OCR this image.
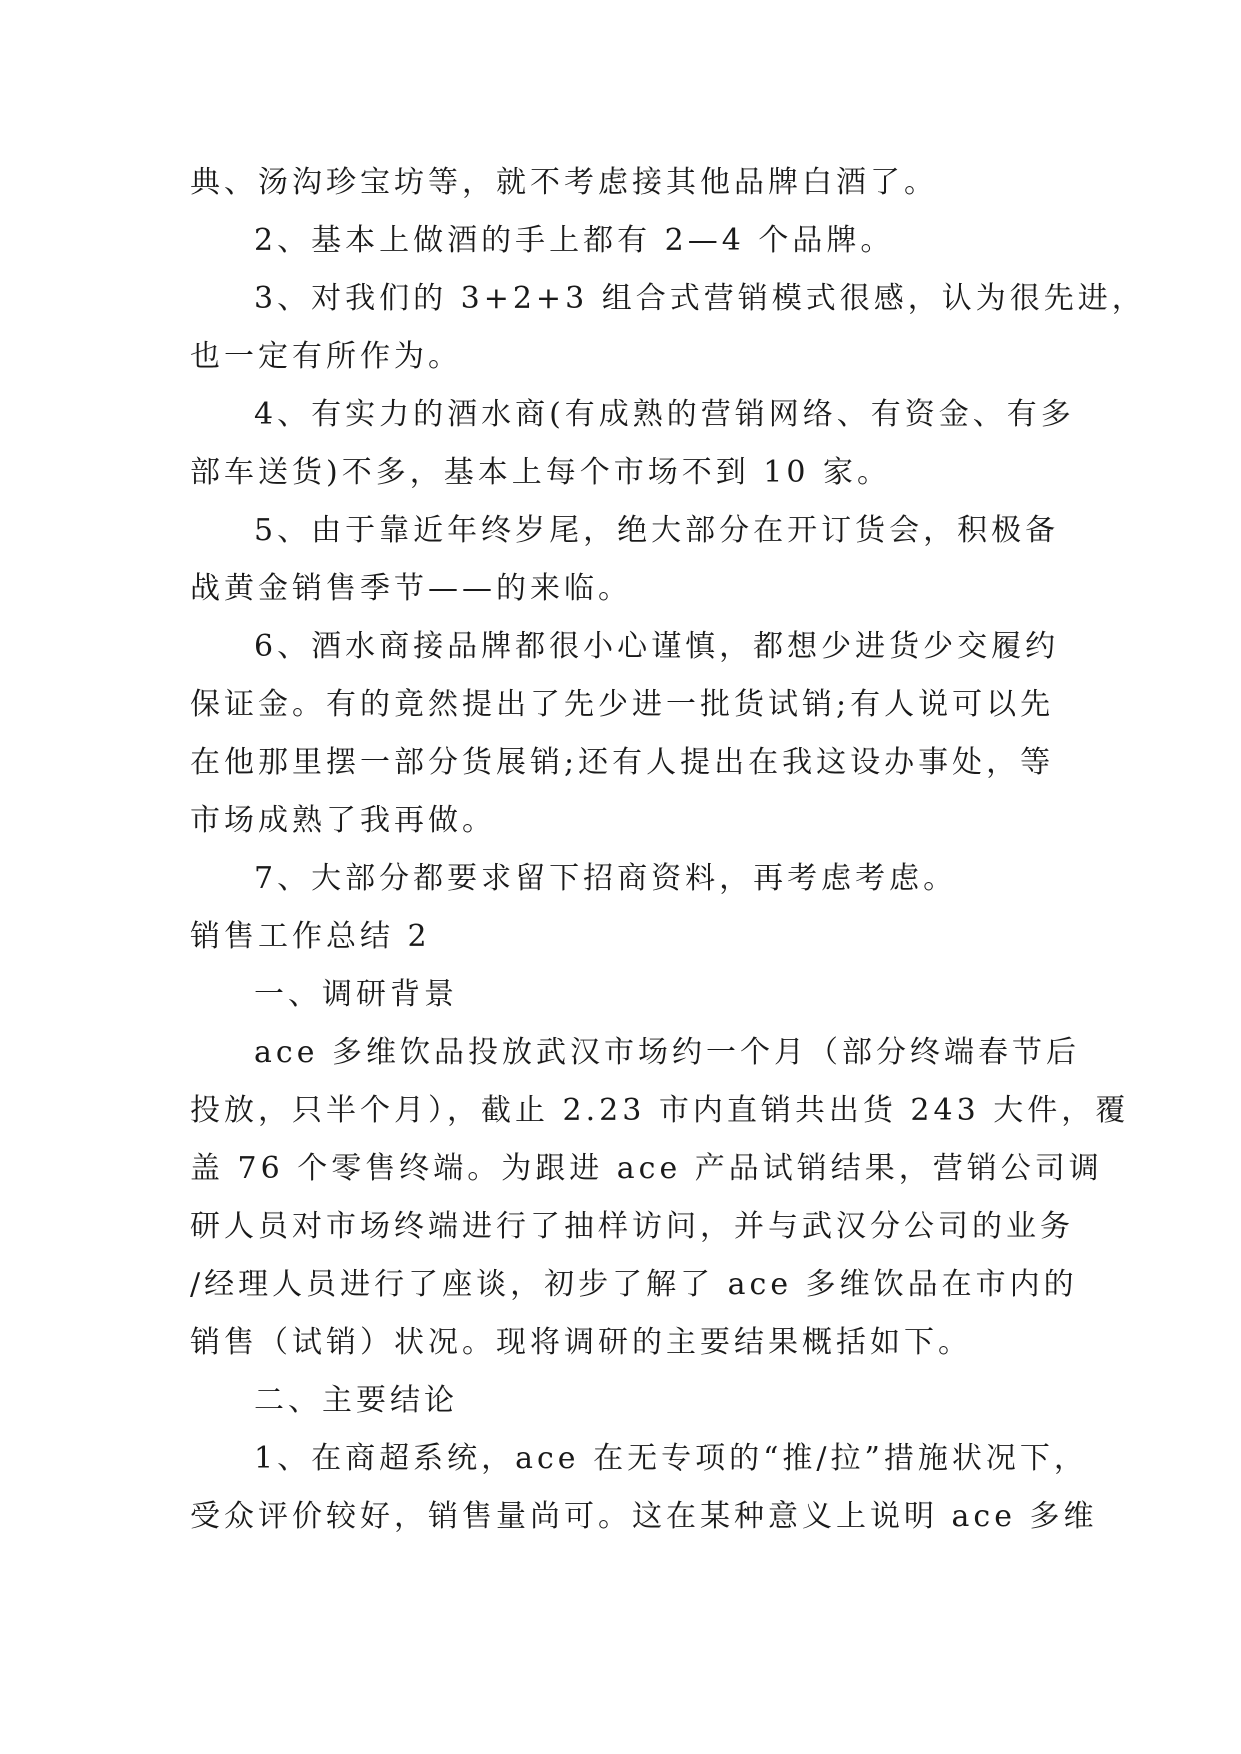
典、汤沟珍宝坊等，就不考虑接其他品牌白酒了。
2、基本上做酒的手上都有 2—4 个品牌。
3、对我们的 3+2+3 组合式营销模式很感，认为很先进，
也一定有所作为。
4、有实力的酒水商(有成熟的营销网络、有资金、有多
部车送货)不多，基本上每个市场不到 10 家。
5、由于靠近年终岁尾，绝大部分在开订货会，积极备
战黄金销售季节——的来临。
6、酒水商接品牌都很小心谨慎，都想少进货少交履约
保证金。有的竟然提出了先少进一批货试销;有人说可以先
在他那里摆一部分货展销;还有人提出在我这设办事处，等
市场成熟了我再做。
7、大部分都要求留下招商资料，再考虑考虑。
销售工作总结 2
一、调研背景
ace 多维饮品投放武汉市场约一个月（部分终端春节后
投放，只半个月），截止 2.23 市内直销共出货 243 大件，覆
盖 76 个零售终端。为跟进 ace 产品试销结果，营销公司调
研人员对市场终端进行了抽样访问，并与武汉分公司的业务
/经理人员进行了座谈，初步了解了 ace 多维饮品在市内的
销售（试销）状况。现将调研的主要结果概括如下。
二、主要结论
1、在商超系统，ace 在无专项的“推/拉”措施状况下，
受众评价较好，销售量尚可。这在某种意义上说明 ace 多维
